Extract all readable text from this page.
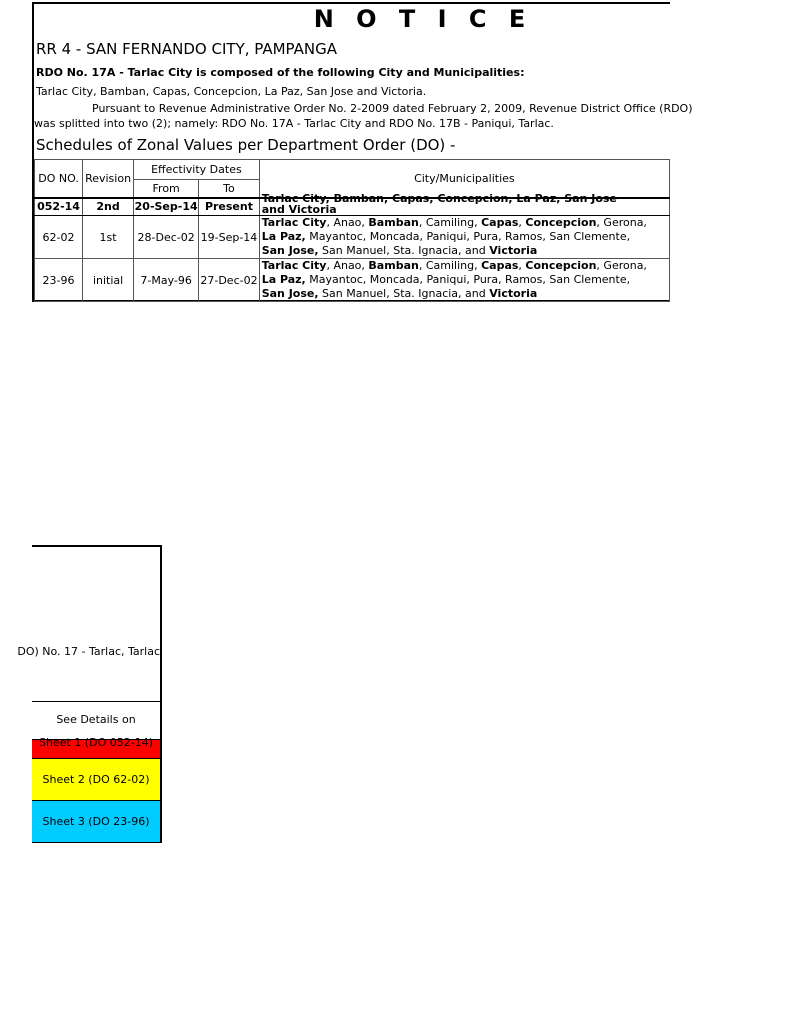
N O T I C E
RR 4 - SAN FERNANDO CITY, PAMPANGA
RDO No. 17A - Tarlac City is composed of the following City and Municipalities:
Tarlac City, Bamban, Capas, Concepcion, La Paz, San Jose and Victoria.
Pursuant to Revenue Administrative Order No. 2-2009 dated February 2, 2009, Revenue District Office (RDO)
was splitted into two (2); namely: RDO No. 17A - Tarlac City and RDO No. 17B - Paniqui, Tarlac.
Schedules of Zonal Values per Department Order (DO) -
DO NO.	Revision	Effectivity Dates		City/Municipalities
		From	To	
052-14	2nd	20-Sep-14	Present	Tarlac City, Bamban, Capas, Concepcion, La Paz, San Jose
and Victoria

62-02	1st	28-Dec-02	19-Sep-14	Tarlac City, Anao, Bamban, Camiling, Capas, Concepcion, Gerona,
La Paz, Mayantoc, Moncada, Paniqui, Pura, Ramos, San Clemente,
San Jose, San Manuel, Sta. Ignacia, and Victoria

23-96	initial	7-May-96	27-Dec-02	Tarlac City, Anao, Bamban, Camiling, Capas, Concepcion, Gerona,
La Paz, Mayantoc, Moncada, Paniqui, Pura, Ramos, San Clemente,
San Jose, San Manuel, Sta. Ignacia, and Victoria
DO) No. 17 - Tarlac, Tarlac
See Details on
Sheet 1 (DO 052-14)
Sheet 2 (DO 62-02)
Sheet 3 (DO 23-96)
